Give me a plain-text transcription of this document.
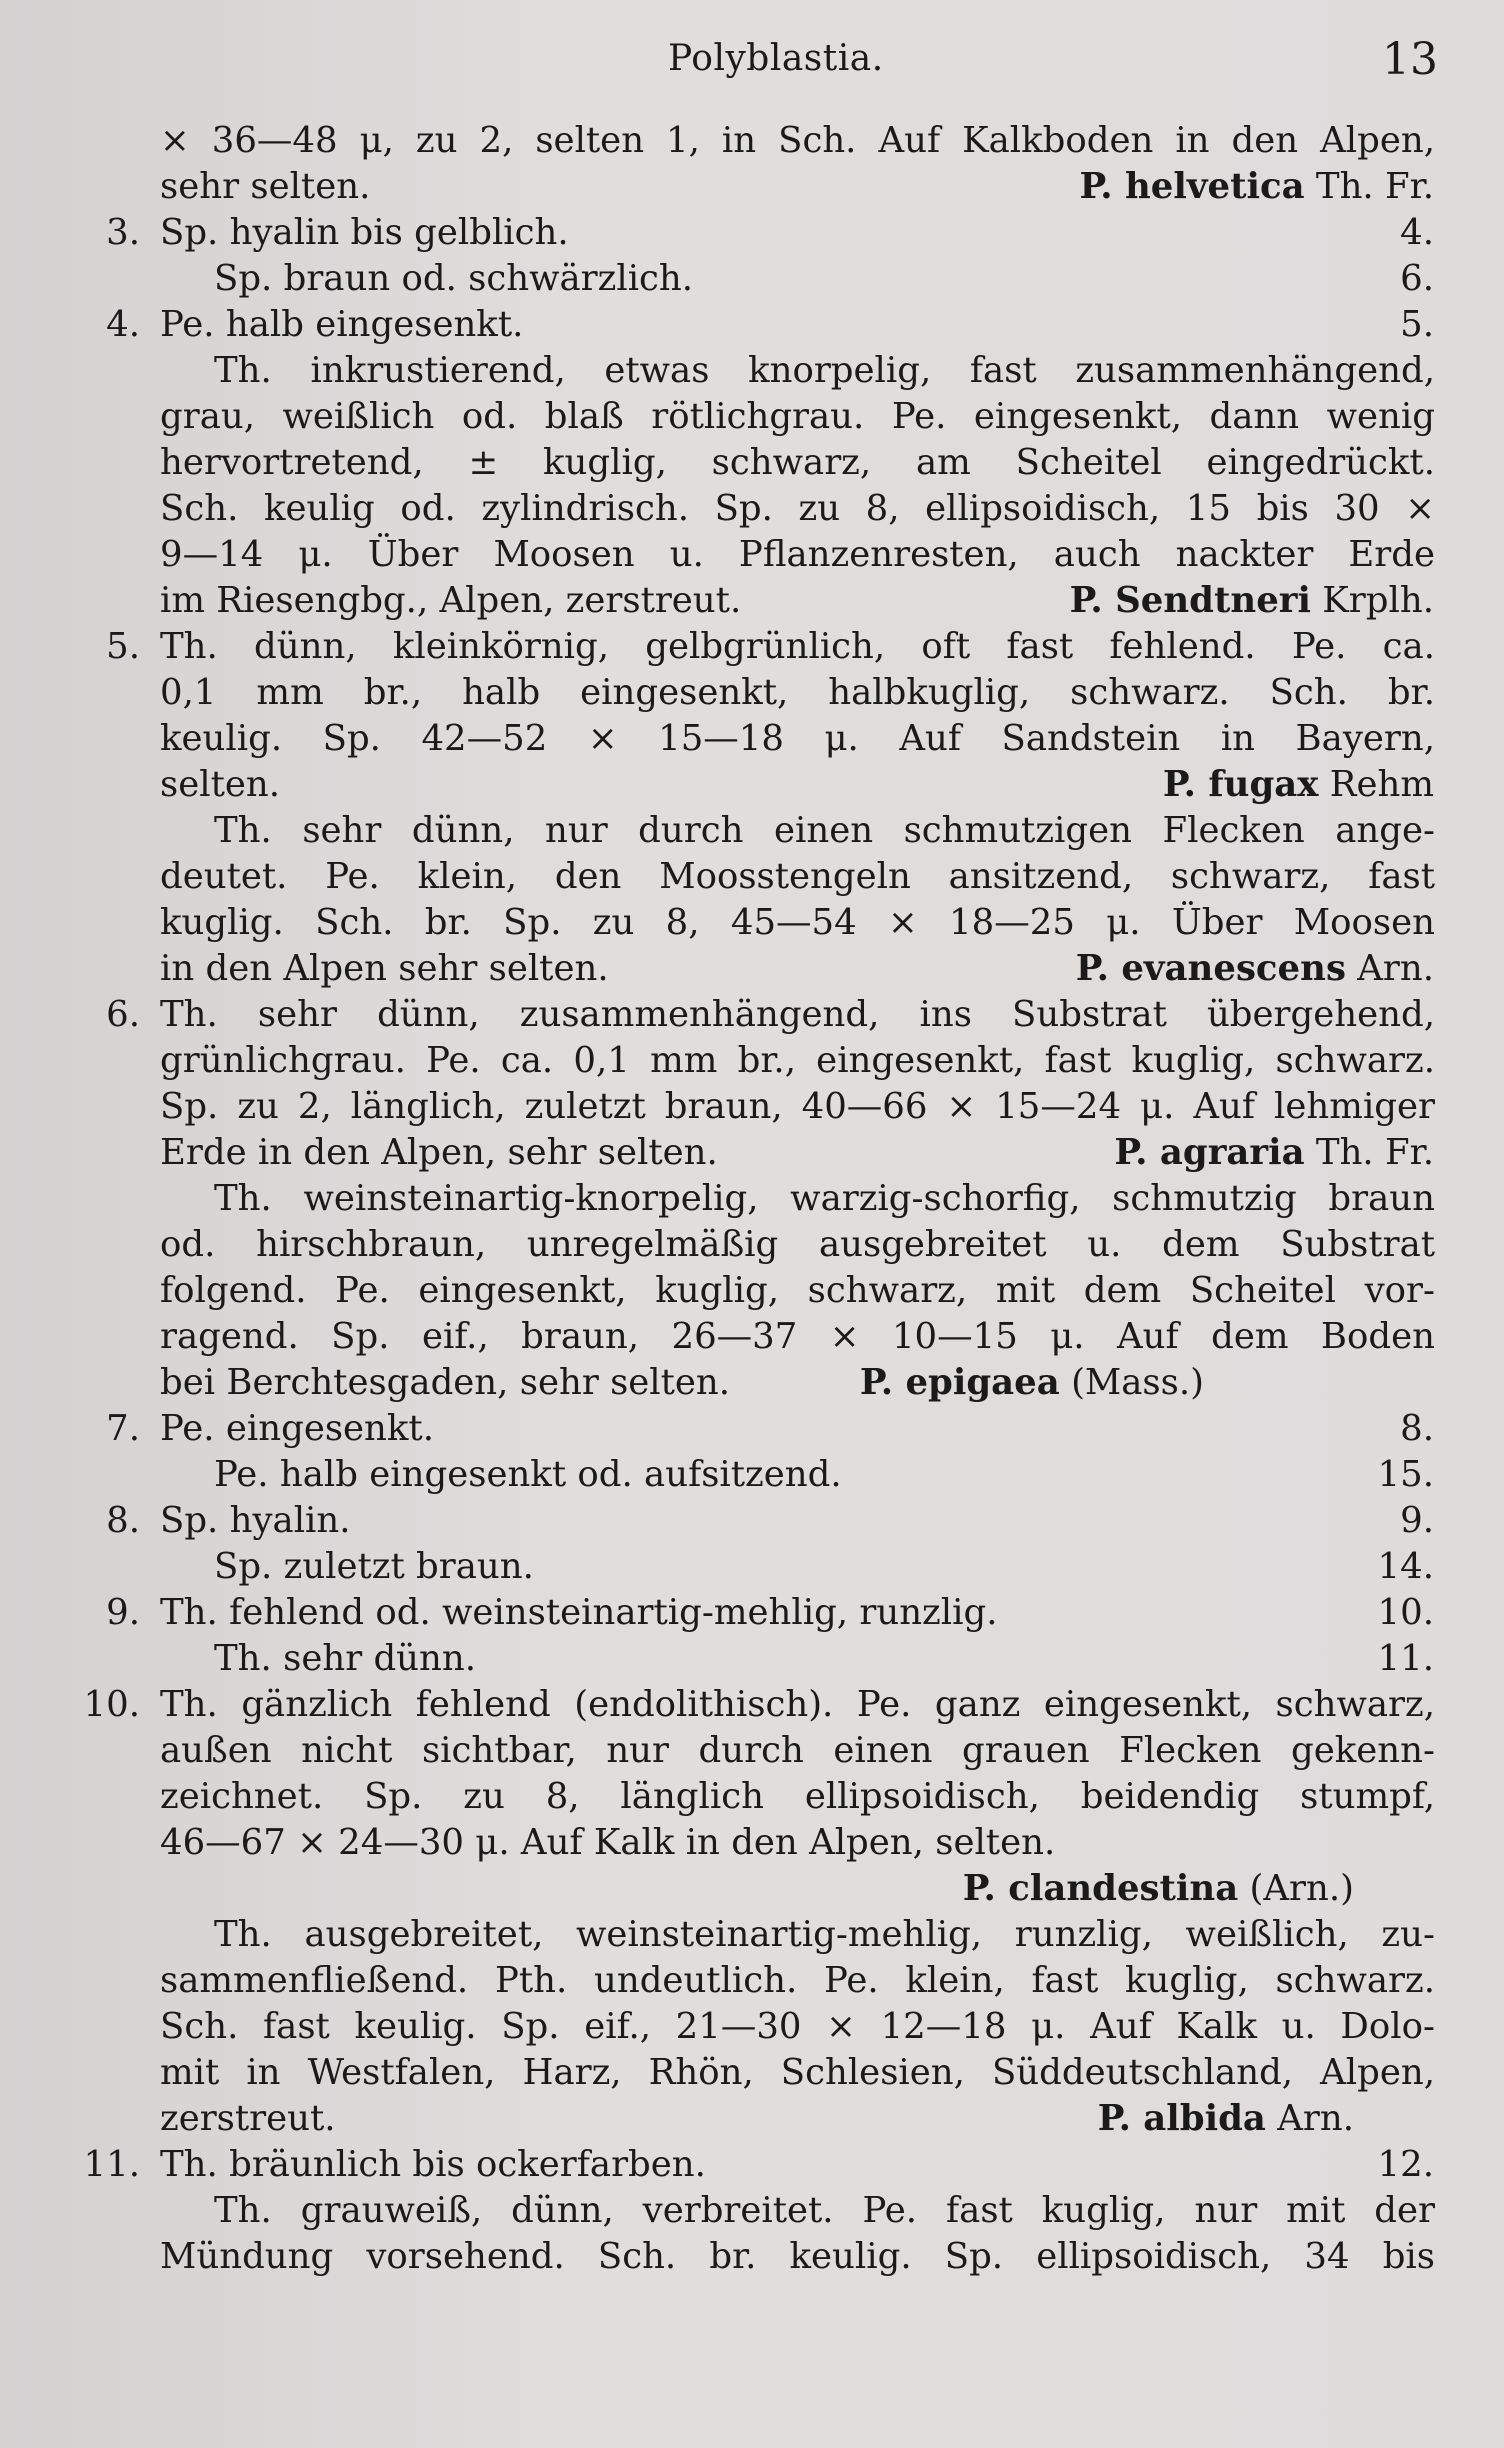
Polyblastia.	13
× 36—48 μ, zu 2, selten 1, in Sch. Auf Kalkboden in den Alpen,
sehr selten.	P. helvetica Th. Fr.
3. Sp. hyalin bis gelblich.	4.
Sp. braun od. schwärzlich.	6.
4. Pe. halb eingesenkt.	5.
Th. inkrustierend, etwas knorpelig, fast zusammenhängend,
grau, weißlich od. blaß rötlichgrau. Pe. eingesenkt, dann wenig
hervortretend, ± kuglig, schwarz, am Scheitel eingedrückt.
Sch. keulig od. zylindrisch. Sp. zu 8, ellipsoidisch, 15 bis 30 ×
9—14 μ. Über Moosen u. Pflanzenresten, auch nackter Erde
im Riesengbg., Alpen, zerstreut.	P. Sendtneri Krplh.
5. Th. dünn, kleinkörnig, gelbgrünlich, oft fast fehlend. Pe. ca.
0,1 mm br., halb eingesenkt, halbkuglig, schwarz. Sch. br.
keulig. Sp. 42—52 × 15—18 μ. Auf Sandstein in Bayern,
selten.	P. fugax Rehm
Th. sehr dünn, nur durch einen schmutzigen Flecken ange-
deutet. Pe. klein, den Moosstengeln ansitzend, schwarz, fast
kuglig. Sch. br. Sp. zu 8, 45—54 × 18—25 μ. Über Moosen
in den Alpen sehr selten.	P. evanescens Arn.
6. Th. sehr dünn, zusammenhängend, ins Substrat übergehend,
grünlichgrau. Pe. ca. 0,1 mm br., eingesenkt, fast kuglig, schwarz.
Sp. zu 2, länglich, zuletzt braun, 40—66 × 15—24 μ. Auf lehmiger
Erde in den Alpen, sehr selten.	P. agraria Th. Fr.
Th. weinsteinartig-knorpelig, warzig-schorfig, schmutzig braun
od. hirschbraun, unregelmäßig ausgebreitet u. dem Substrat
folgend. Pe. eingesenkt, kuglig, schwarz, mit dem Scheitel vor-
ragend. Sp. eif., braun, 26—37 × 10—15 μ. Auf dem Boden
bei Berchtesgaden, sehr selten.	P. epigaea (Mass.)
7. Pe. eingesenkt.	8.
Pe. halb eingesenkt od. aufsitzend.	15.
8. Sp. hyalin.	9.
Sp. zuletzt braun.	14.
9. Th. fehlend od. weinsteinartig-mehlig, runzlig.	10.
Th. sehr dünn.	11.
10. Th. gänzlich fehlend (endolithisch). Pe. ganz eingesenkt, schwarz,
außen nicht sichtbar, nur durch einen grauen Flecken gekenn-
zeichnet. Sp. zu 8, länglich ellipsoidisch, beidendig stumpf,
46—67 × 24—30 μ. Auf Kalk in den Alpen, selten.
P. clandestina (Arn.)
Th. ausgebreitet, weinsteinartig-mehlig, runzlig, weißlich, zu-
sammenfließend. Pth. undeutlich. Pe. klein, fast kuglig, schwarz.
Sch. fast keulig. Sp. eif., 21—30 × 12—18 μ. Auf Kalk u. Dolo-
mit in Westfalen, Harz, Rhön, Schlesien, Süddeutschland, Alpen,
zerstreut.	P. albida Arn.
11. Th. bräunlich bis ockerfarben.	12.
Th. grauweiß, dünn, verbreitet. Pe. fast kuglig, nur mit der
Mündung vorsehend. Sch. br. keulig. Sp. ellipsoidisch, 34 bis
